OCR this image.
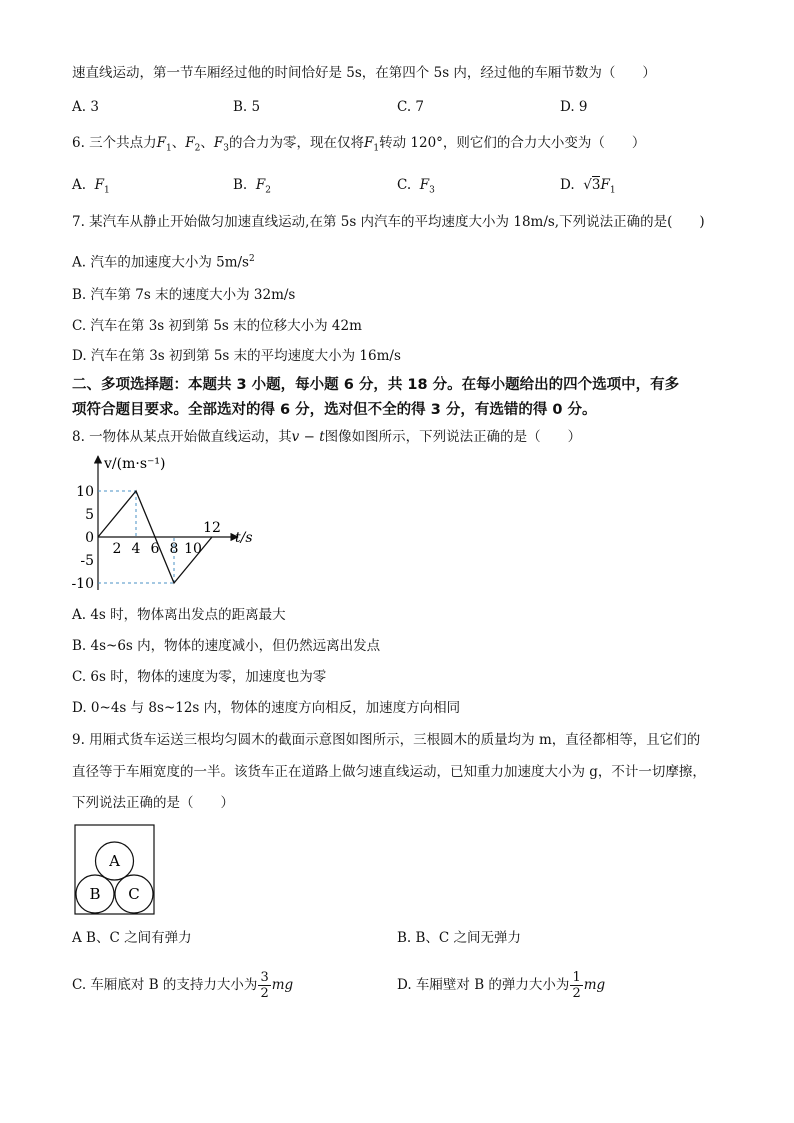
速直线运动，第一节车厢经过他的时间恰好是 5s，在第四个 5s 内，经过他的车厢节数为（　　）
A. 3	B. 5	C. 7	D. 9
6. 三个共点力$F_1$、$F_2$、$F_3$的合力为零，现在仅将$F_1$转动 120°，则它们的合力大小变为（　　）
A. $F_1$	B. $F_2$	C. $F_3$	D. $√3F_1$
7. 某汽车从静止开始做匀加速直线运动,在第 5s 内汽车的平均速度大小为 18m/s,下列说法正确的是(　　)
A. 汽车的加速度大小为 $5m/s^2$
B. 汽车第 7s 末的速度大小为 32m/s
C. 汽车在第 3s 初到第 5s 末的位移大小为 42m
D. 汽车在第 3s 初到第 5s 末的平均速度大小为 16m/s
二、多项选择题：本题共 3 小题，每小题 6 分，共 18 分。在每小题给出的四个选项中，有多
项符合题目要求。全部选对的得 6 分，选对但不全的得 3 分，有选错的得 0 分。
8. 一物体从某点开始做直线运动，其v − t图像如图所示，下列说法正确的是（　　）
2 4 6 8 10
12
10
5
0
-5
-10
v/(m·s⁻¹)
t/s
A. 4s 时，物体离出发点的距离最大
B. 4s~6s 内，物体的速度减小，但仍然远离出发点
C. 6s 时，物体的速度为零，加速度也为零
D. 0~4s 与 8s~12s 内，物体的速度方向相反，加速度方向相同
9. 用厢式货车运送三根均匀圆木的截面示意图如图所示，三根圆木的质量均为 m，直径都相等，且它们的
直径等于车厢宽度的一半。该货车正在道路上做匀速直线运动，已知重力加速度大小为 g，不计一切摩擦，
下列说法正确的是（　　）
A
B C
A B、C 之间有弹力	B. B、C 之间无弹力
C. 车厢底对 B 的支持力大小为 $\frac{3}{2}$ mg	D. 车厢壁对 B 的弹力大小为 $\frac{1}{2}$ mg
